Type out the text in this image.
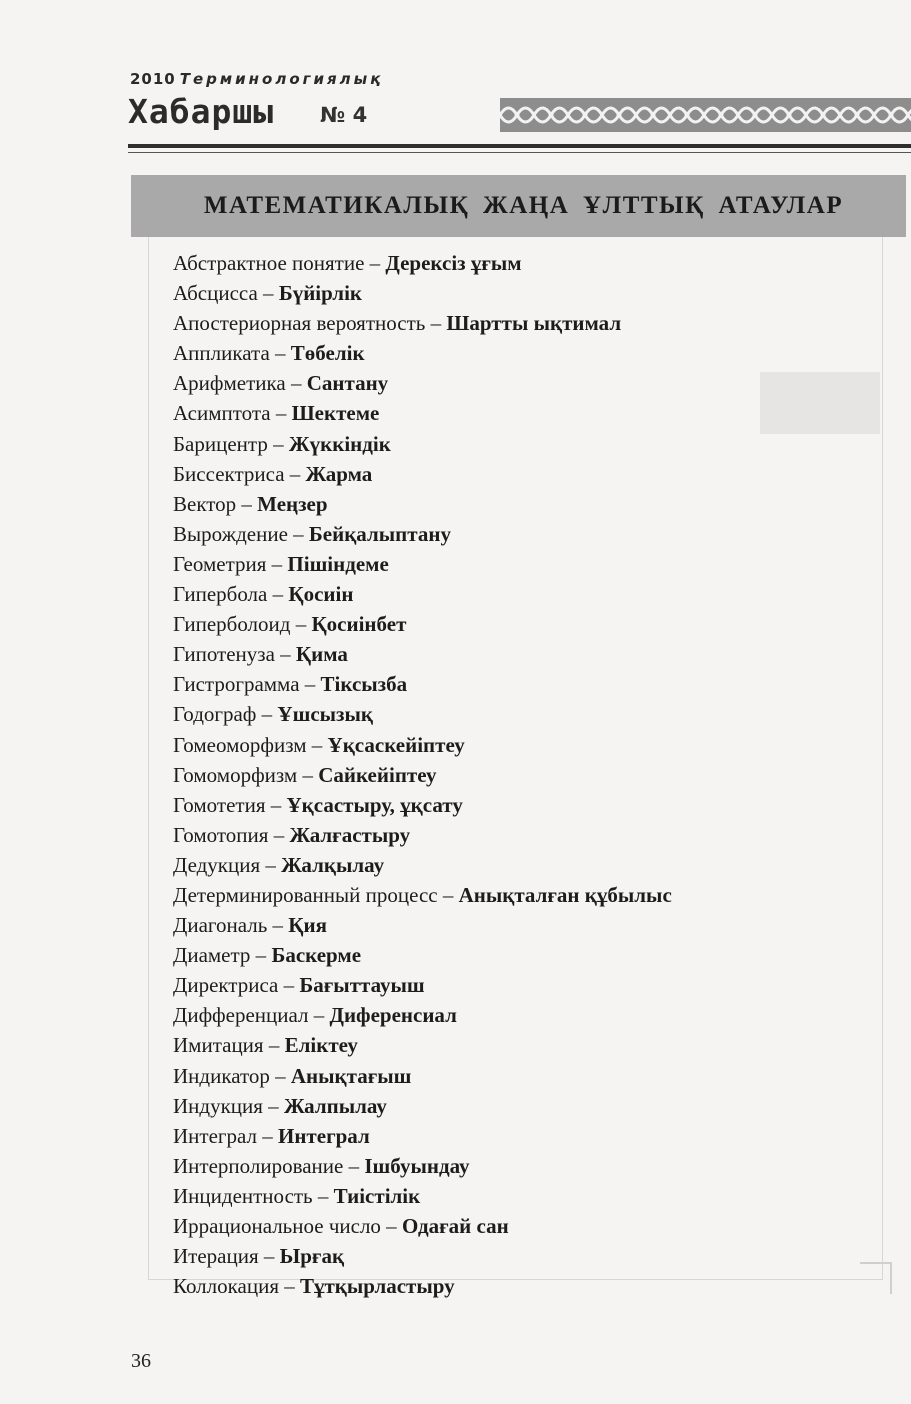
2010 Терминологиялық
Хабаршы № 4
МАТЕМАТИКАЛЫҚ ЖАҢА ҰЛТТЫҚ АТАУЛАР
Абстрактное понятие – Дерексіз ұғым
Абсцисса – Бүйірлік
Апостериорная вероятность – Шартты ықтимал
Аппликата – Төбелік
Арифметика – Сантану
Асимптота – Шектеме
Барицентр – Жүккіндік
Биссектриса – Жарма
Вектор – Меңзер
Вырождение – Бейқалыптану
Геометрия – Пішіндеме
Гипербола – Қосиін
Гиперболоид – Қосиінбет
Гипотенуза – Қима
Гистрограмма – Тіксызба
Годограф – Ұшсызық
Гомеоморфизм – Ұқсаскейіптеу
Гомоморфизм – Сайкейіптеу
Гомотетия – Ұқсастыру, ұқсату
Гомотопия – Жалғастыру
Дедукция – Жалқылау
Детерминированный процесс – Анықталған құбылыс
Диагональ – Қия
Диаметр – Баскерме
Директриса – Бағыттауыш
Дифференциал – Диференсиал
Имитация – Еліктеу
Индикатор – Анықтағыш
Индукция – Жалпылау
Интеграл – Интеграл
Интерполирование – Ішбуындау
Инцидентность – Тиістілік
Иррациональное число – Одағай сан
Итерация – Ырғақ
Коллокация – Тұтқырластыру
36
